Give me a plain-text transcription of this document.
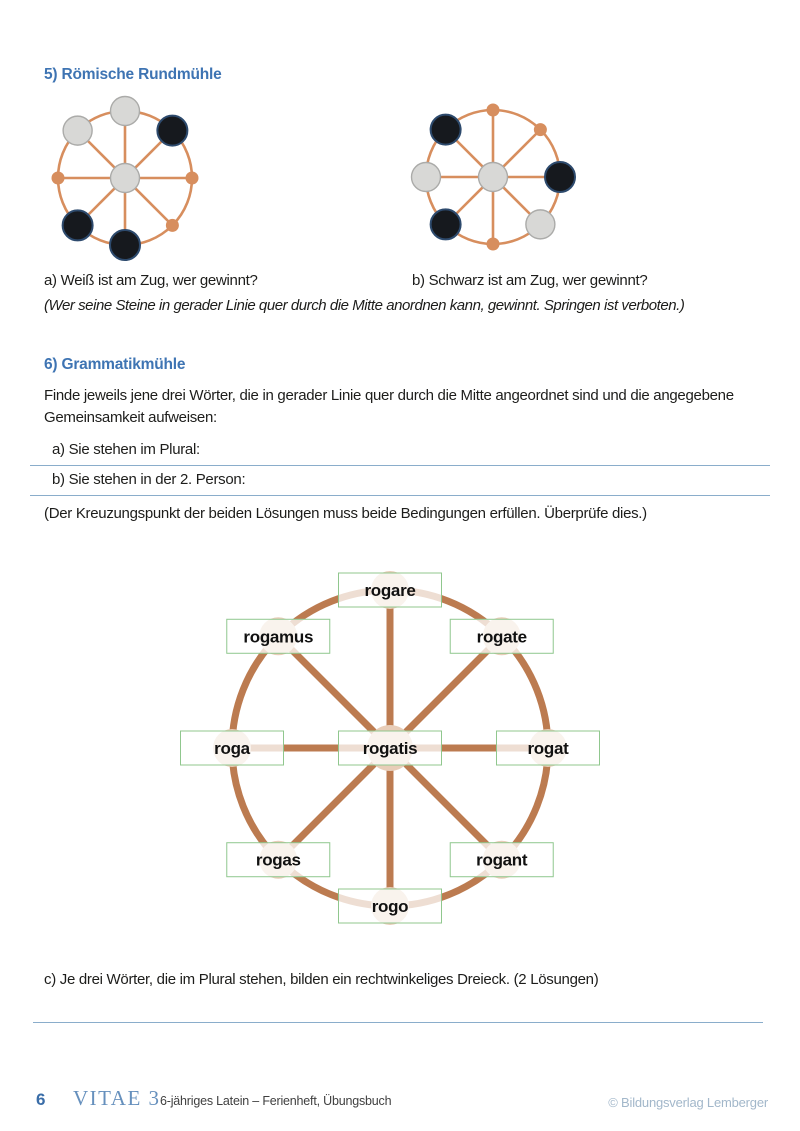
5) Römische Rundmühle
a) Weiß ist am Zug, wer gewinnt?	b) Schwarz ist am Zug, wer gewinnt?
(Wer seine Steine in gerader Linie quer durch die Mitte anordnen kann, gewinnt. Springen ist verboten.)
6) Grammatikmühle
Finde jeweils jene drei Wörter, die in gerader Linie quer durch die Mitte angeordnet sind und die angegebene Gemeinsamkeit aufweisen:
a) Sie stehen im Plural:
b) Sie stehen in der 2. Person:
(Der Kreuzungspunkt der beiden Lösungen muss beide Bedingungen erfüllen. Überprüfe dies.)
rogare
rogate
rogat
rogant
rogo
rogas
roga
rogamus
rogatis
c) Je drei Wörter, die im Plural stehen, bilden ein rechtwinkeliges Dreieck. (2 Lösungen)
6 VITAE 3 6-jähriges Latein – Ferienheft, Übungsbuch	© Bildungsverlag Lemberger
